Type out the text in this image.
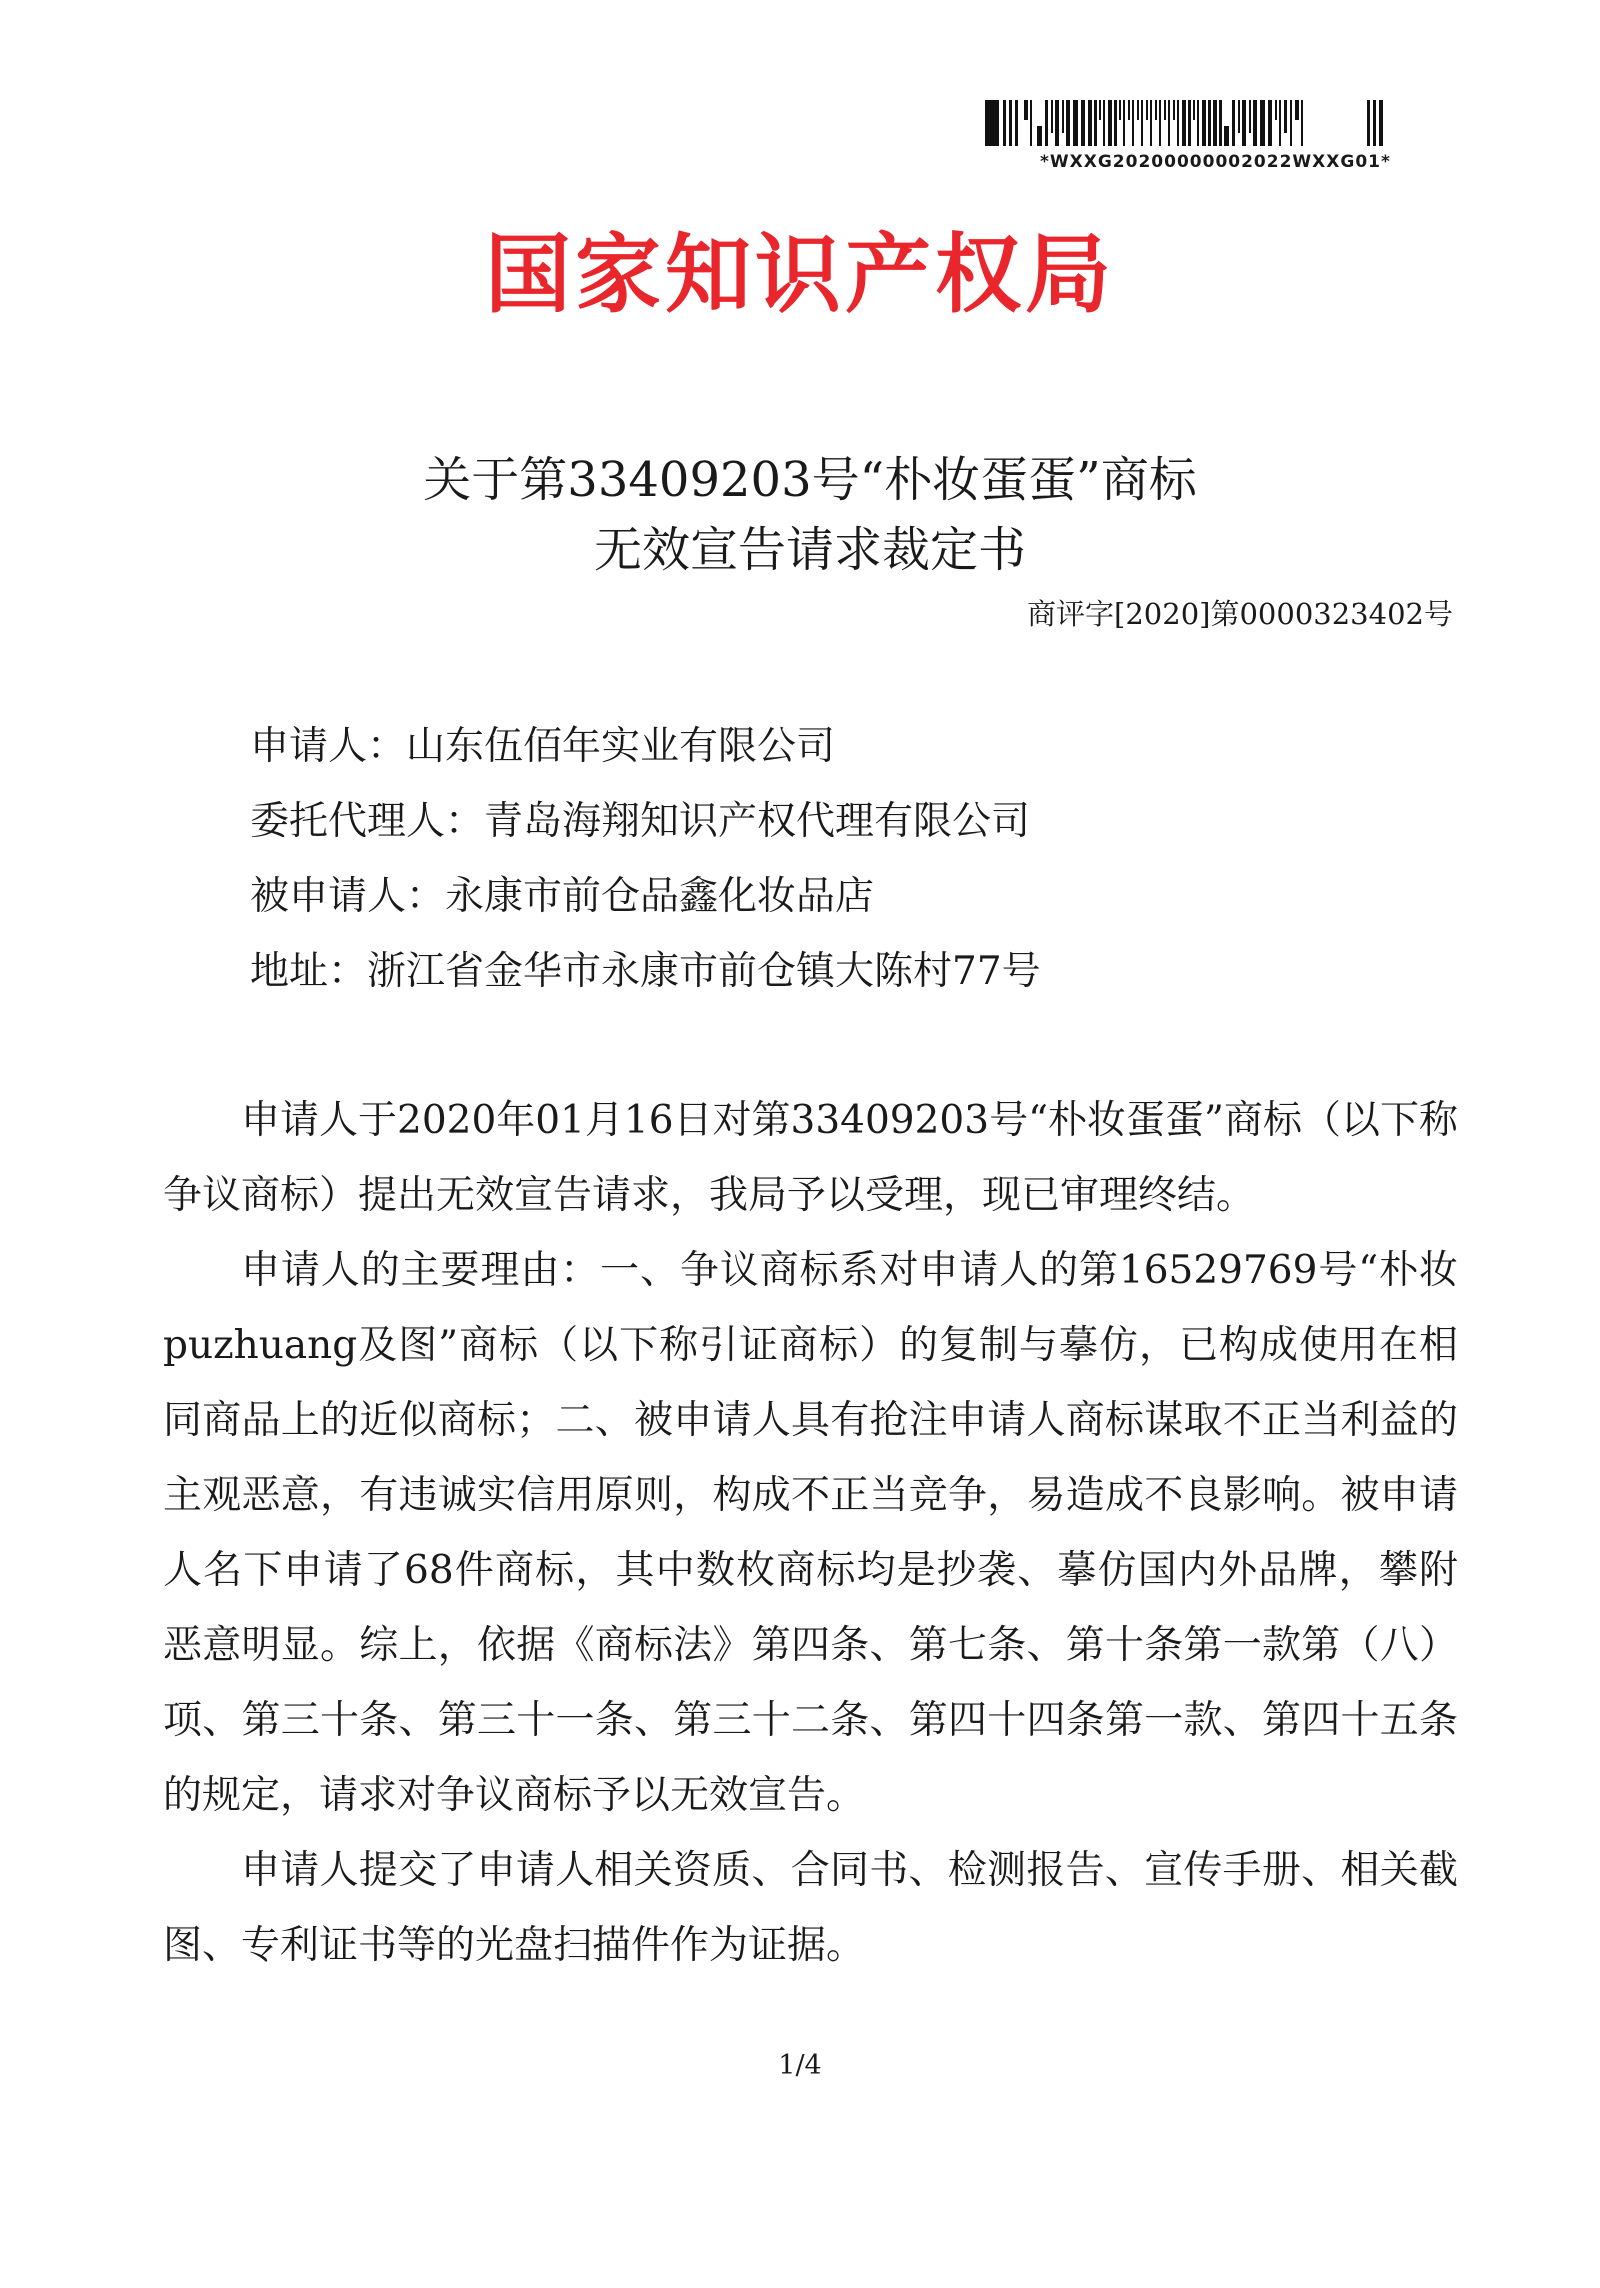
*WXXG20200000002022WXXG01*
国家知识产权局
关于第33409203号“朴妆蛋蛋”商标
无效宣告请求裁定书
商评字[2020]第0000323402号
申请人：山东伍佰年实业有限公司
委托代理人：青岛海翔知识产权代理有限公司
被申请人：永康市前仓品鑫化妆品店
地址：浙江省金华市永康市前仓镇大陈村77号

申请人于2020年01月16日对第33409203号“朴妆蛋蛋”商标（以下称争议商标）提出无效宣告请求，我局予以受理，现已审理终结。

申请人的主要理由：一、争议商标系对申请人的第16529769号“朴妆puzhuang及图”商标（以下称引证商标）的复制与摹仿，已构成使用在相同商品上的近似商标；二、被申请人具有抢注申请人商标谋取不正当利益的主观恶意，有违诚实信用原则，构成不正当竞争，易造成不良影响。被申请人名下申请了68件商标，其中数枚商标均是抄袭、摹仿国内外品牌，攀附恶意明显。综上，依据《商标法》第四条、第七条、第十条第一款第（八）项、第三十条、第三十一条、第三十二条、第四十四条第一款、第四十五条的规定，请求对争议商标予以无效宣告。

申请人提交了申请人相关资质、合同书、检测报告、宣传手册、相关截图、专利证书等的光盘扫描件作为证据。

1/4
